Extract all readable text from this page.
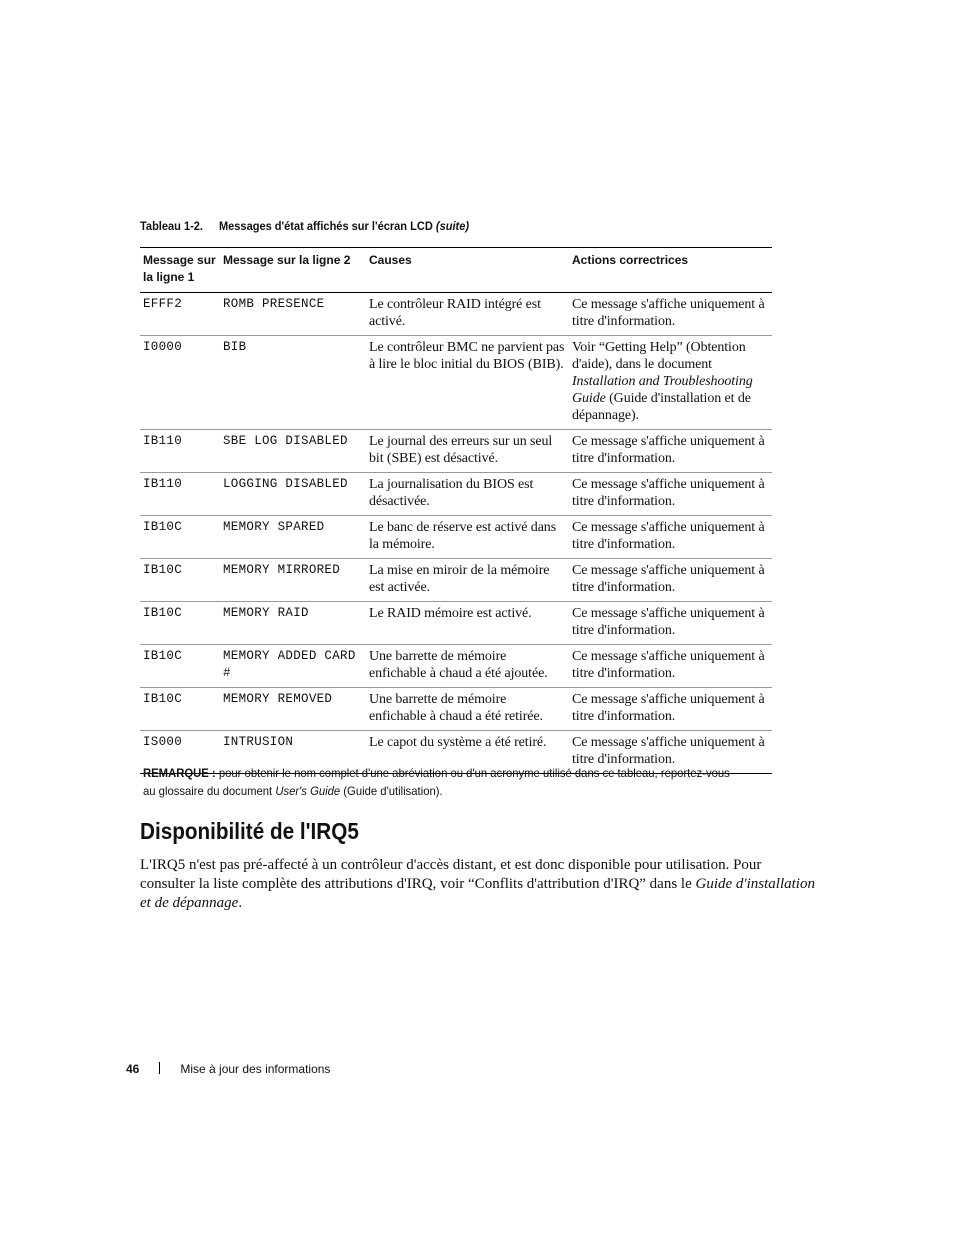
Tableau 1-2. Messages d'état affichés sur l'écran LCD (suite)
Message sur la ligne 1	Message sur la ligne 2	Causes	Actions correctrices
EFFF2	ROMB PRESENCE	Le contrôleur RAID intégré est activé.	Ce message s'affiche uniquement à titre d'information.
I0000	BIB	Le contrôleur BMC ne parvient pas à lire le bloc initial du BIOS (BIB).	Voir “Getting Help” (Obtention d'aide), dans le document Installation and Troubleshooting Guide (Guide d'installation et de dépannage).
IB110	SBE LOG DISABLED	Le journal des erreurs sur un seul bit (SBE) est désactivé.	Ce message s'affiche uniquement à titre d'information.
IB110	LOGGING DISABLED	La journalisation du BIOS est désactivée.	Ce message s'affiche uniquement à titre d'information.
IB10C	MEMORY SPARED	Le banc de réserve est activé dans la mémoire.	Ce message s'affiche uniquement à titre d'information.
IB10C	MEMORY MIRRORED	La mise en miroir de la mémoire est activée.	Ce message s'affiche uniquement à titre d'information.
IB10C	MEMORY RAID	Le RAID mémoire est activé.	Ce message s'affiche uniquement à titre d'information.
IB10C	MEMORY ADDED CARD #	Une barrette de mémoire enfichable à chaud a été ajoutée.	Ce message s'affiche uniquement à titre d'information.
IB10C	MEMORY REMOVED	Une barrette de mémoire enfichable à chaud a été retirée.	Ce message s'affiche uniquement à titre d'information.
IS000	INTRUSION	Le capot du système a été retiré.	Ce message s'affiche uniquement à titre d'information.
REMARQUE : pour obtenir le nom complet d'une abréviation ou d'un acronyme utilisé dans ce tableau, reportez-vous au glossaire du document User's Guide (Guide d'utilisation).
Disponibilité de l'IRQ5
L'IRQ5 n'est pas pré-affecté à un contrôleur d'accès distant, et est donc disponible pour utilisation. Pour consulter la liste complète des attributions d'IRQ, voir “Conflits d'attribution d'IRQ” dans le Guide d'installation et de dépannage.
46	Mise à jour des informations
